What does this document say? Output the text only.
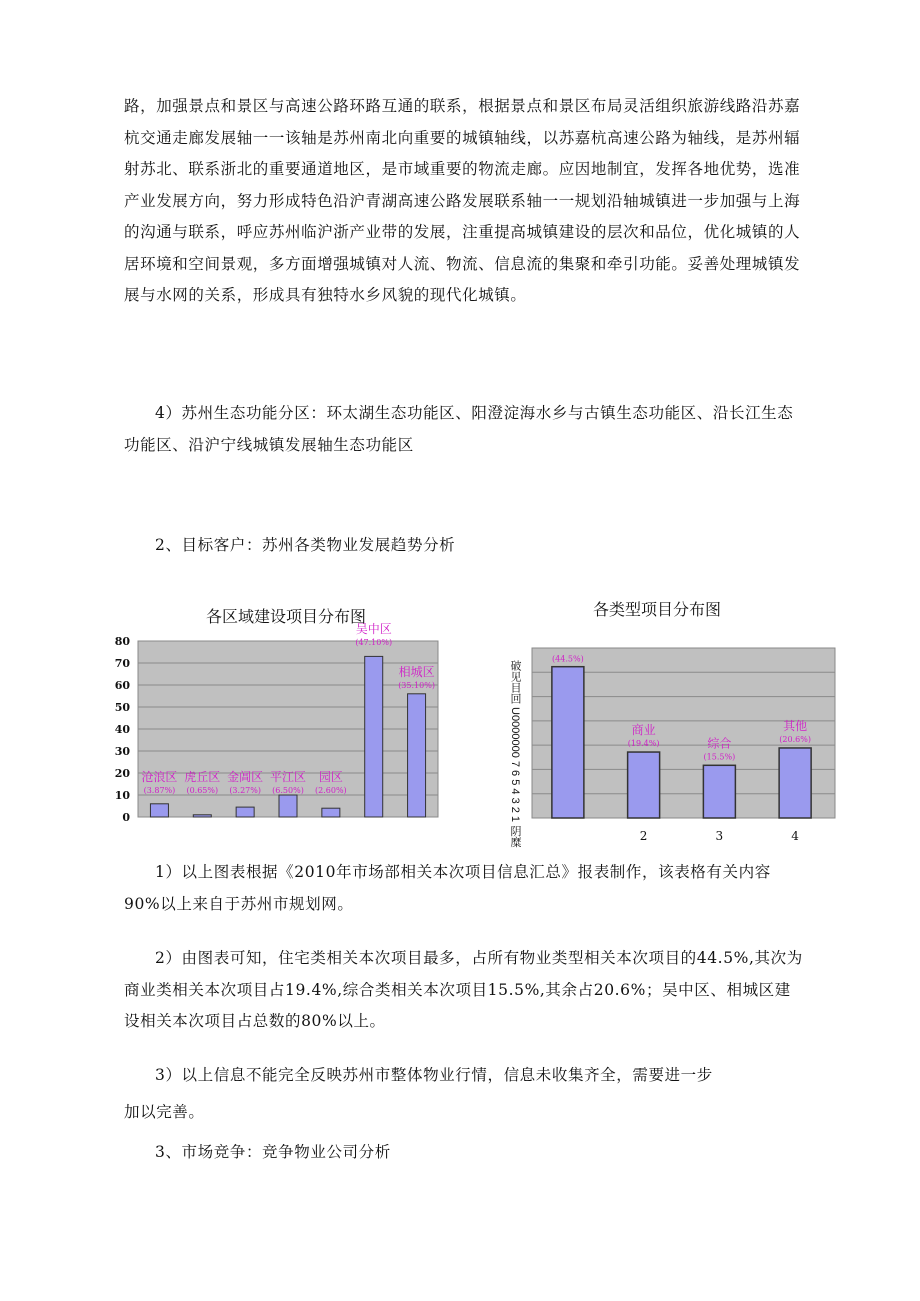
路，加强景点和景区与高速公路环路互通的联系，根据景点和景区布局灵活组织旅游线路沿苏嘉杭交通走廊发展轴一一该轴是苏州南北向重要的城镇轴线，以苏嘉杭高速公路为轴线，是苏州辐射苏北、联系浙北的重要通道地区，是市域重要的物流走廊。应因地制宜，发挥各地优势，选准产业发展方向，努力形成特色沿沪青湖高速公路发展联系轴一一规划沿轴城镇进一步加强与上海的沟通与联系，呼应苏州临沪浙产业带的发展，注重提高城镇建设的层次和品位，优化城镇的人居环境和空间景观，多方面增强城镇对人流、物流、信息流的集聚和牵引功能。妥善处理城镇发展与水网的关系，形成具有独特水乡风貌的现代化城镇。

4）苏州生态功能分区：环太湖生态功能区、阳澄淀海水乡与古镇生态功能区、沿长江生态功能区、沿沪宁线城镇发展轴生态功能区

2、目标客户：苏州各类物业发展趋势分析

各区域建设项目分布图
0
10
20
30
40
50
60
70
80
沧浪区
(3.87%)
虎丘区
(0.65%)
金阊区
(3.27%)
平江区
(6.50%)
园区
(2.60%)
吴中区
(47.10%)
相城区
(35.10%)
各类型项目分布图
破见目回 U0000000 7 6 5 4 3 2 1 阴糜
(44.5%)
商业
(19.4%)
2
综合
(15.5%)
3
其他
(20.6%)
4

1）以上图表根据《2010年市场部相关本次项目信息汇总》报表制作，该表格有关内容90%以上来自于苏州市规划网。

2）由图表可知，住宅类相关本次项目最多，占所有物业类型相关本次项目的44.5%,其次为商业类相关本次项目占19.4%,综合类相关本次项目15.5%,其余占20.6%；吴中区、相城区建设相关本次项目占总数的80%以上。

3）以上信息不能完全反映苏州市整体物业行情，信息未收集齐全，需要进一步

加以完善。

3、市场竞争：竞争物业公司分析
